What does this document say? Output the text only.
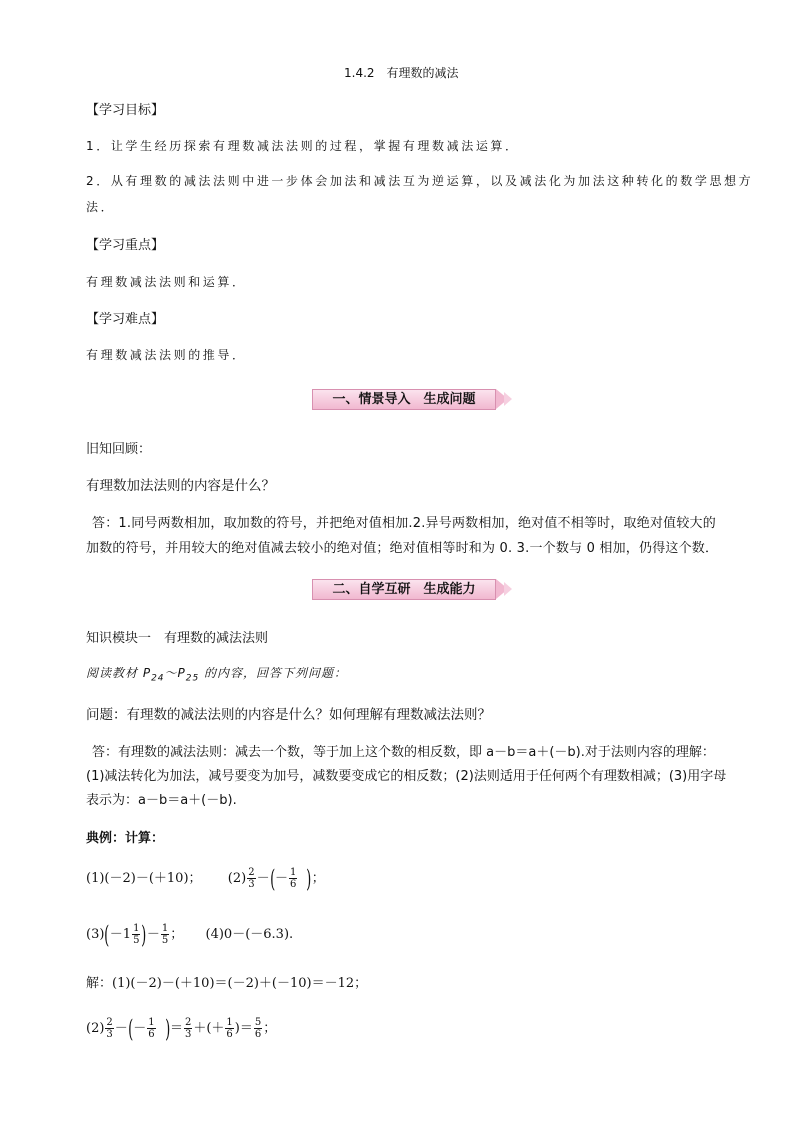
1.4.2　有理数的减法
【学习目标】
1．让学生经历探索有理数减法法则的过程，掌握有理数减法运算．
2．从有理数的减法法则中进一步体会加法和减法互为逆运算，以及减法化为加法这种转化的数学思想方
法．
【学习重点】
有理数减法法则和运算．
【学习难点】
有理数减法法则的推导．
一、情景导入　生成问题
旧知回顾：
有理数加法法则的内容是什么？
答：1.同号两数相加，取加数的符号，并把绝对值相加.2.异号两数相加，绝对值不相等时，取绝对值较大的
加数的符号，并用较大的绝对值减去较小的绝对值；绝对值相等时和为 0. 3.一个数与 0 相加，仍得这个数．
二、自学互研　生成能力
知识模块一　有理数的减法法则
阅读教材 $P_{24}\sim P_{25}$ 的内容，回答下列问题：
问题：有理数的减法法则的内容是什么？如何理解有理数减法法则？
答：有理数的减法法则：减去一个数，等于加上这个数的相反数，即 a－b＝a＋(－b).对于法则内容的理解：
(1)减法转化为加法，减号要变为加号，减数要变成它的相反数；(2)法则适用于任何两个有理数相减；(3)用字母
表示为：a－b＝a＋(－b).
典例：计算：
(1)(－2)－(＋10)； $(2) \frac{2}{3}$ －(－ $\frac{1}{6}$ )；
$(3)(-1 \frac{1}{5}$ )－ $\frac{1}{5}$ ； (4)0－(－6.3).
解：(1)(－2)－(＋10)＝(－2)＋(－10)＝－12；
$(2) \frac{2}{3}$ －(－ $\frac{1}{6}$ )＝ $\frac{2}{3}$ ＋(＋ $\frac{1}{6}$ )＝ $\frac{5}{6}$ ；
